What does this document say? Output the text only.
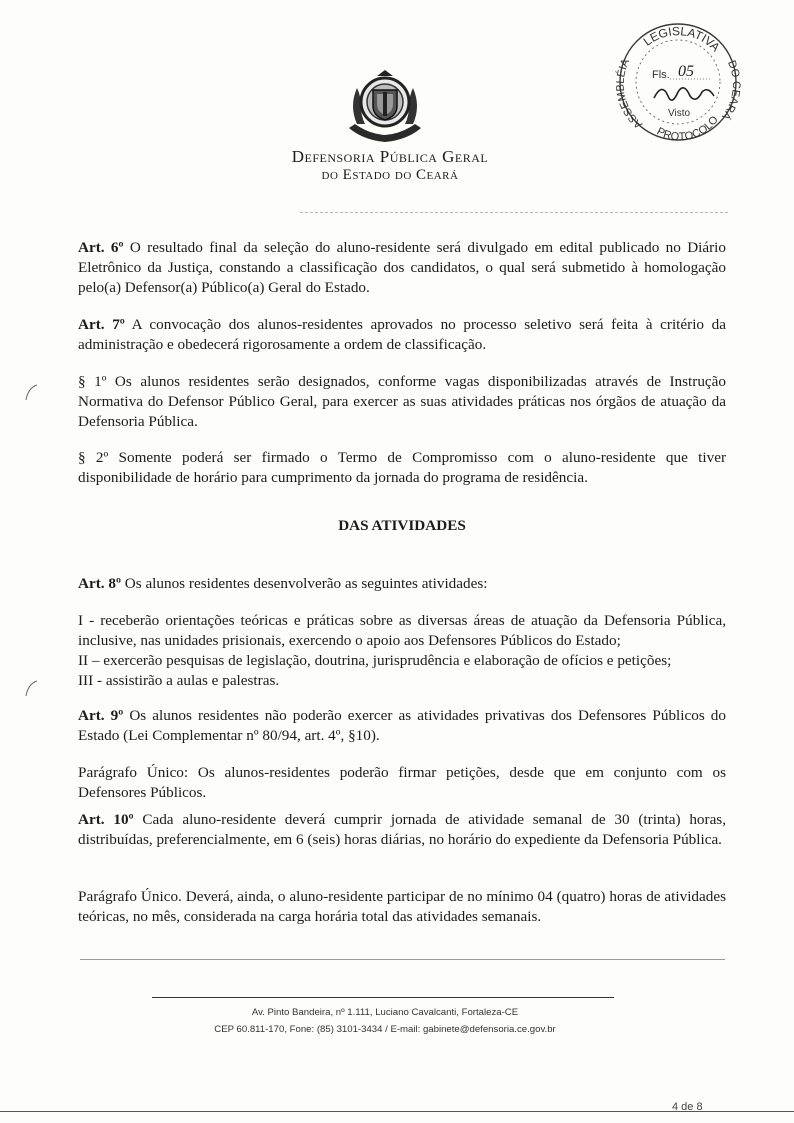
Defensoria Pública Geral
do Estado do Ceará
LEGISLATIVA
ASSEMBLÉIA	DO CEARÁ
PROTOCOLO
Fls. 05
Visto
Art. 6º O resultado final da seleção do aluno-residente será divulgado em edital publicado no Diário Eletrônico da Justiça, constando a classificação dos candidatos, o qual será submetido à homologação pelo(a) Defensor(a) Público(a) Geral do Estado.
Art. 7º A convocação dos alunos-residentes aprovados no processo seletivo será feita à critério da administração e obedecerá rigorosamente a ordem de classificação.
§ 1º Os alunos residentes serão designados, conforme vagas disponibilizadas através de Instrução Normativa do Defensor Público Geral, para exercer as suas atividades práticas nos órgãos de atuação da Defensoria Pública.
§ 2º Somente poderá ser firmado o Termo de Compromisso com o aluno-residente que tiver disponibilidade de horário para cumprimento da jornada do programa de residência.
DAS ATIVIDADES
Art. 8º Os alunos residentes desenvolverão as seguintes atividades:
I - receberão orientações teóricas e práticas sobre as diversas áreas de atuação da Defensoria Pública, inclusive, nas unidades prisionais, exercendo o apoio aos Defensores Públicos do Estado;
II – exercerão pesquisas de legislação, doutrina, jurisprudência e elaboração de ofícios e petições;
III - assistirão a aulas e palestras.
Art. 9º Os alunos residentes não poderão exercer as atividades privativas dos Defensores Públicos do Estado (Lei Complementar nº 80/94, art. 4º, §10).
Parágrafo Único: Os alunos-residentes poderão firmar petições, desde que em conjunto com os Defensores Públicos.
Art. 10º Cada aluno-residente deverá cumprir jornada de atividade semanal de 30 (trinta) horas, distribuídas, preferencialmente, em 6 (seis) horas diárias, no horário do expediente da Defensoria Pública.
Parágrafo Único. Deverá, ainda, o aluno-residente participar de no mínimo 04 (quatro) horas de atividades teóricas, no mês, considerada na carga horária total das atividades semanais.
Av. Pinto Bandeira, nº 1.111, Luciano Cavalcanti, Fortaleza-CE
CEP 60.811-170, Fone: (85) 3101-3434 / E-mail: gabinete@defensoria.ce.gov.br
4 de 8
